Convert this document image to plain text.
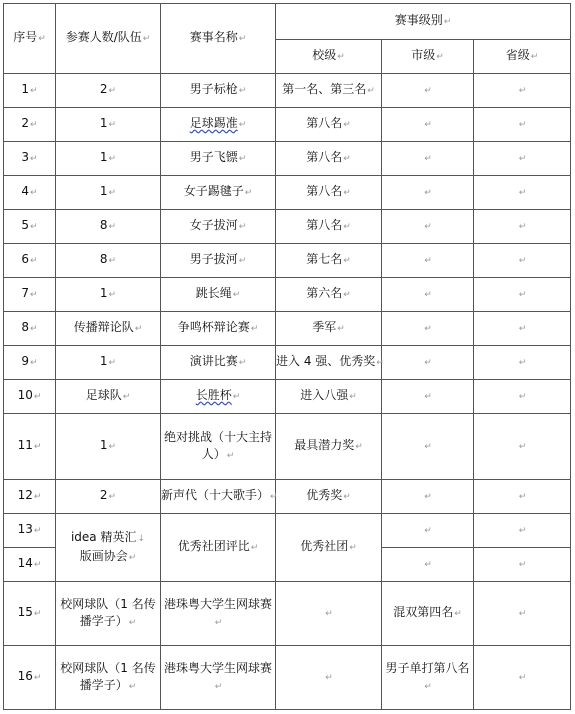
序号↵	参赛人数/队伍↵	赛事名称↵	赛事级别↵		
			校级↵	市级↵	省级↵
1↵	2↵	男子标枪↵	第一名、第三名↵	↵	↵
2↵	1↵	足球踢准↵	第八名↵	↵	↵
3↵	1↵	男子飞镖↵	第八名↵	↵	↵
4↵	1↵	女子踢毽子↵	第八名↵	↵	↵
5↵	8↵	女子拔河↵	第八名↵	↵	↵
6↵	8↵	男子拔河↵	第七名↵	↵	↵
7↵	1↵	跳长绳↵	第六名↵	↵	↵
8↵	传播辩论队↵	争鸣杯辩论赛↵	季军↵	↵	↵
9↵	1↵	演讲比赛↵	进入 4 强、优秀奖↵	↵	↵
10↵	足球队↵	长胜杯↵	进入八强↵	↵	↵
11↵	1↵	绝对挑战（十大主持人）↵	最具潜力奖↵	↵	↵
12↵	2↵	新声代（十大歌手）↵	优秀奖↵	↵	↵
13↵	idea 精英汇↓
版画协会↵	优秀社团评比↵	优秀社团↵	↵	↵
14↵				↵	↵
15↵	校网球队（1 名传播学子）↵	港珠粤大学生网球赛↵	↵	混双第四名↵	↵
16↵	校网球队（1 名传播学子）↵	港珠粤大学生网球赛↵	↵	男子单打第八名↵	↵
